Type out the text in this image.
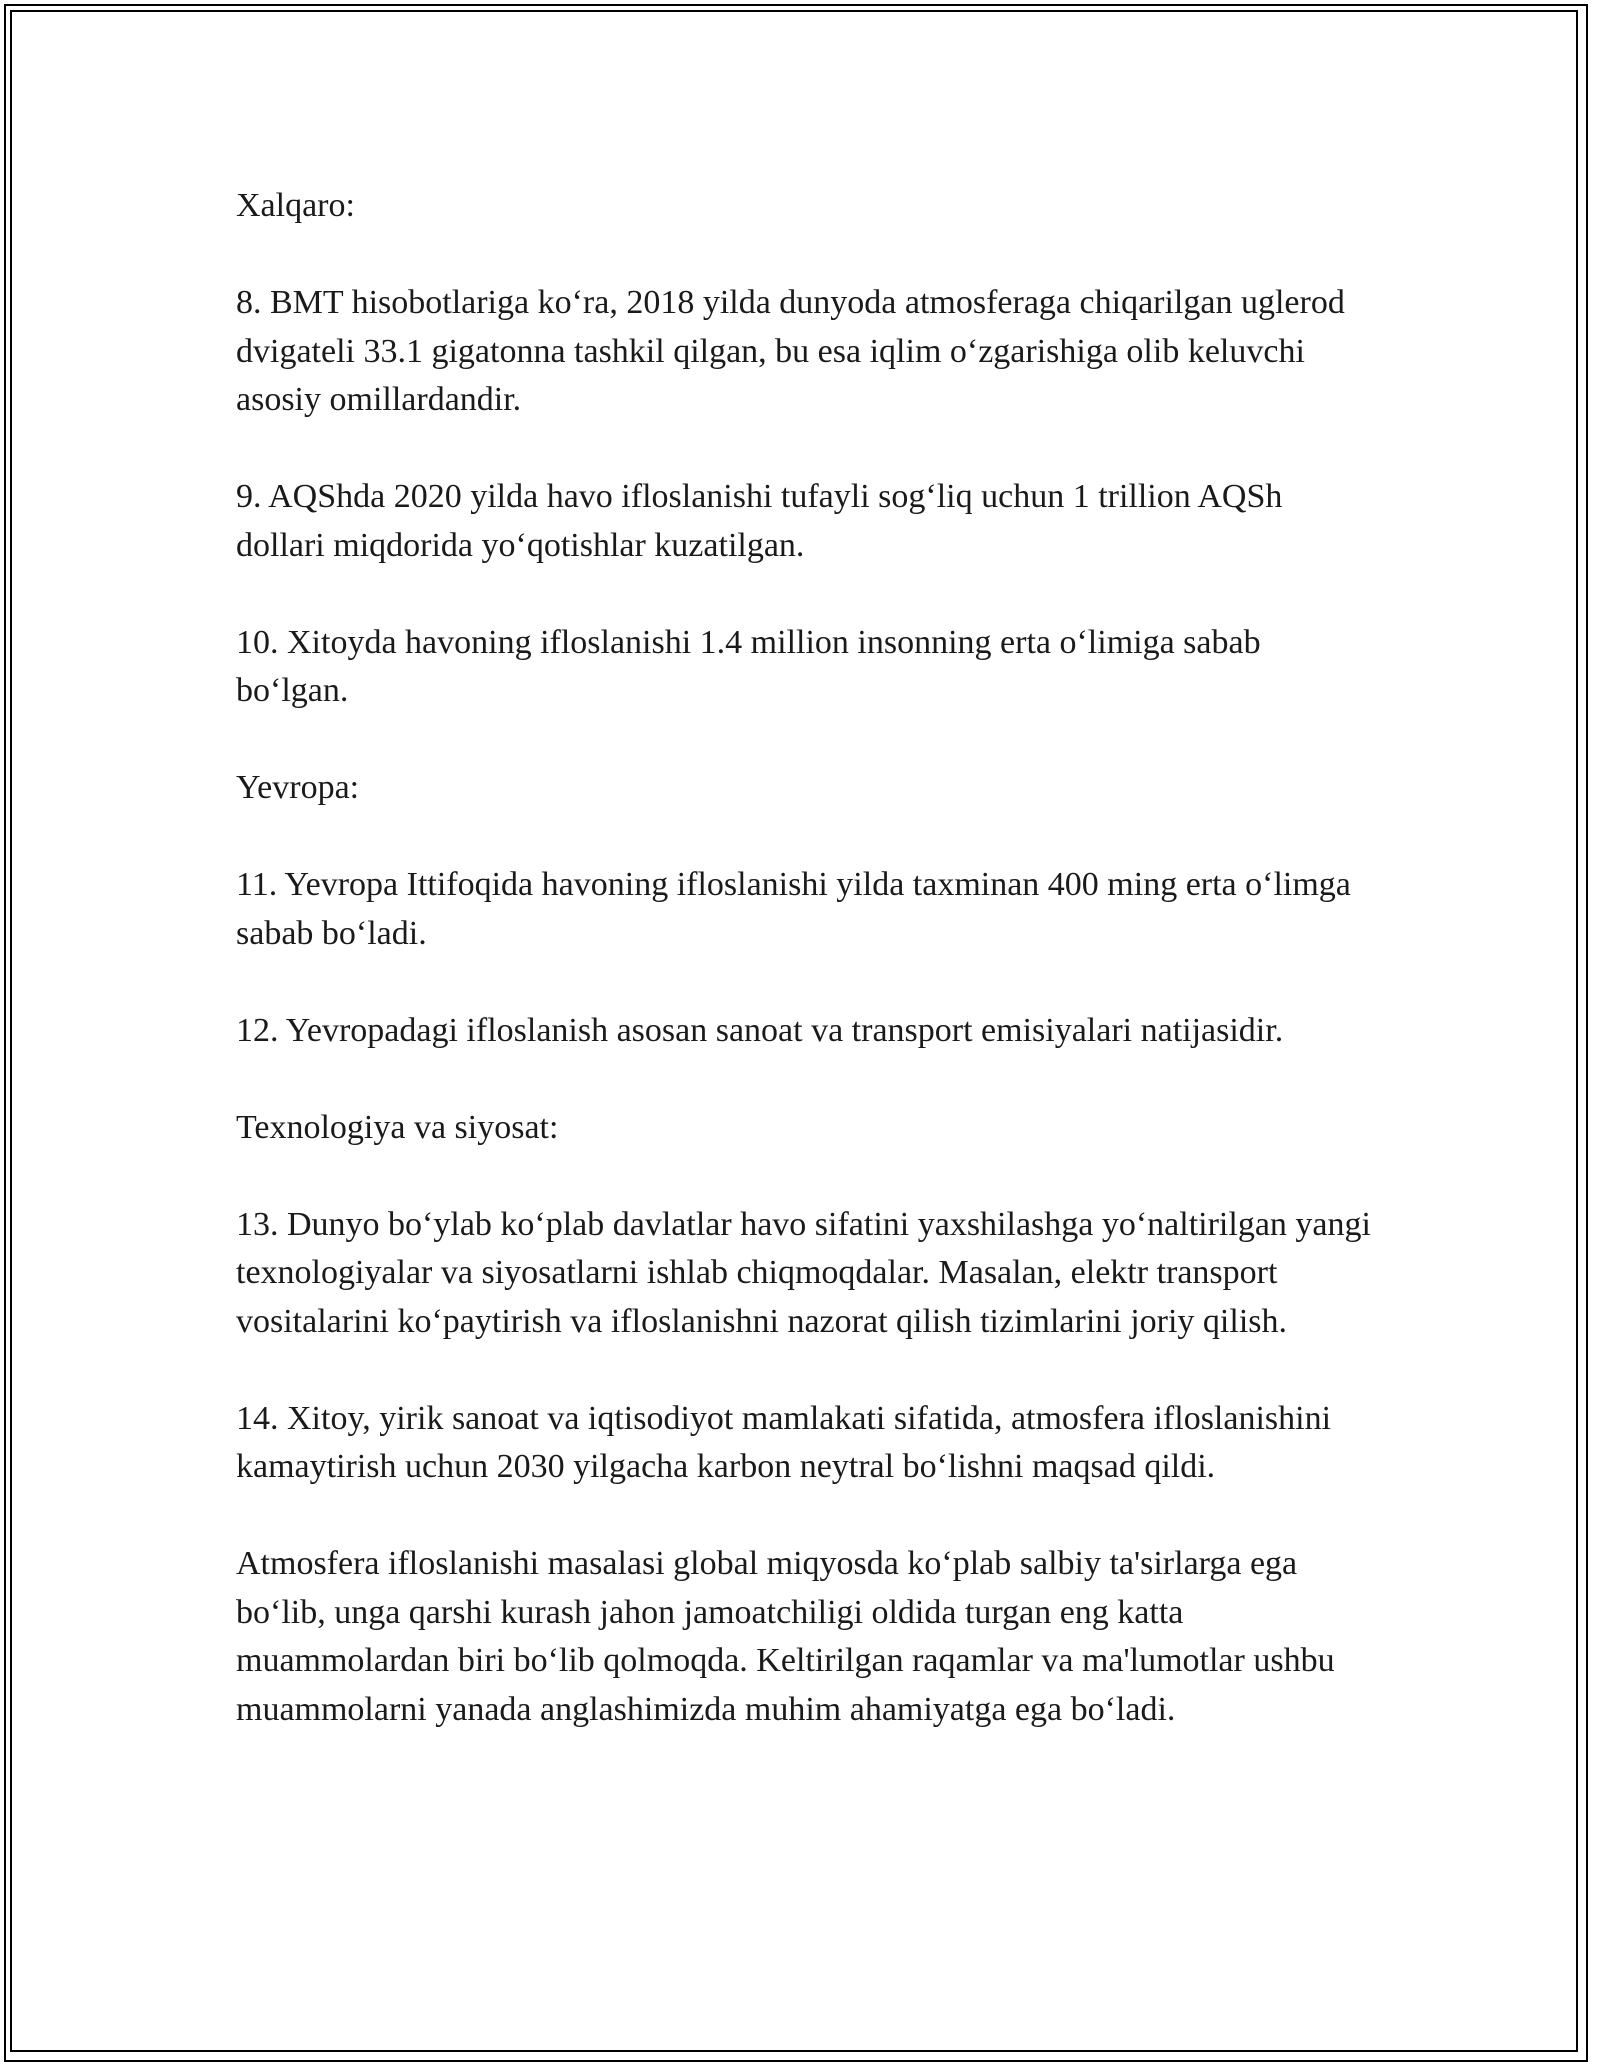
Xalqaro:

8. BMT hisobotlariga koʻra, 2018 yilda dunyoda atmosferaga chiqarilgan uglerod dvigateli 33.1 gigatonna tashkil qilgan, bu esa iqlim oʻzgarishiga olib keluvchi asosiy omillardandir.

9. AQShda 2020 yilda havo ifloslanishi tufayli sogʻliq uchun 1 trillion AQSh dollari miqdorida yoʻqotishlar kuzatilgan.

10. Xitoyda havoning ifloslanishi 1.4 million insonning erta oʻlimiga sabab boʻlgan.

Yevropa:

11. Yevropa Ittifoqida havoning ifloslanishi yilda taxminan 400 ming erta oʻlimga sabab boʻladi.

12. Yevropadagi ifloslanish asosan sanoat va transport emisiyalari natijasidir.

Texnologiya va siyosat:

13. Dunyo boʻylab koʻplab davlatlar havo sifatini yaxshilashga yoʻnaltirilgan yangi texnologiyalar va siyosatlarni ishlab chiqmoqdalar. Masalan, elektr transport vositalarini koʻpaytirish va ifloslanishni nazorat qilish tizimlarini joriy qilish.

14. Xitoy, yirik sanoat va iqtisodiyot mamlakati sifatida, atmosfera ifloslanishini kamaytirish uchun 2030 yilgacha karbon neytral boʻlishni maqsad qildi.

Atmosfera ifloslanishi masalasi global miqyosda koʻplab salbiy ta'sirlarga ega boʻlib, unga qarshi kurash jahon jamoatchiligi oldida turgan eng katta muammolardan biri boʻlib qolmoqda. Keltirilgan raqamlar va ma'lumotlar ushbu muammolarni yanada anglashimizda muhim ahamiyatga ega boʻladi.
